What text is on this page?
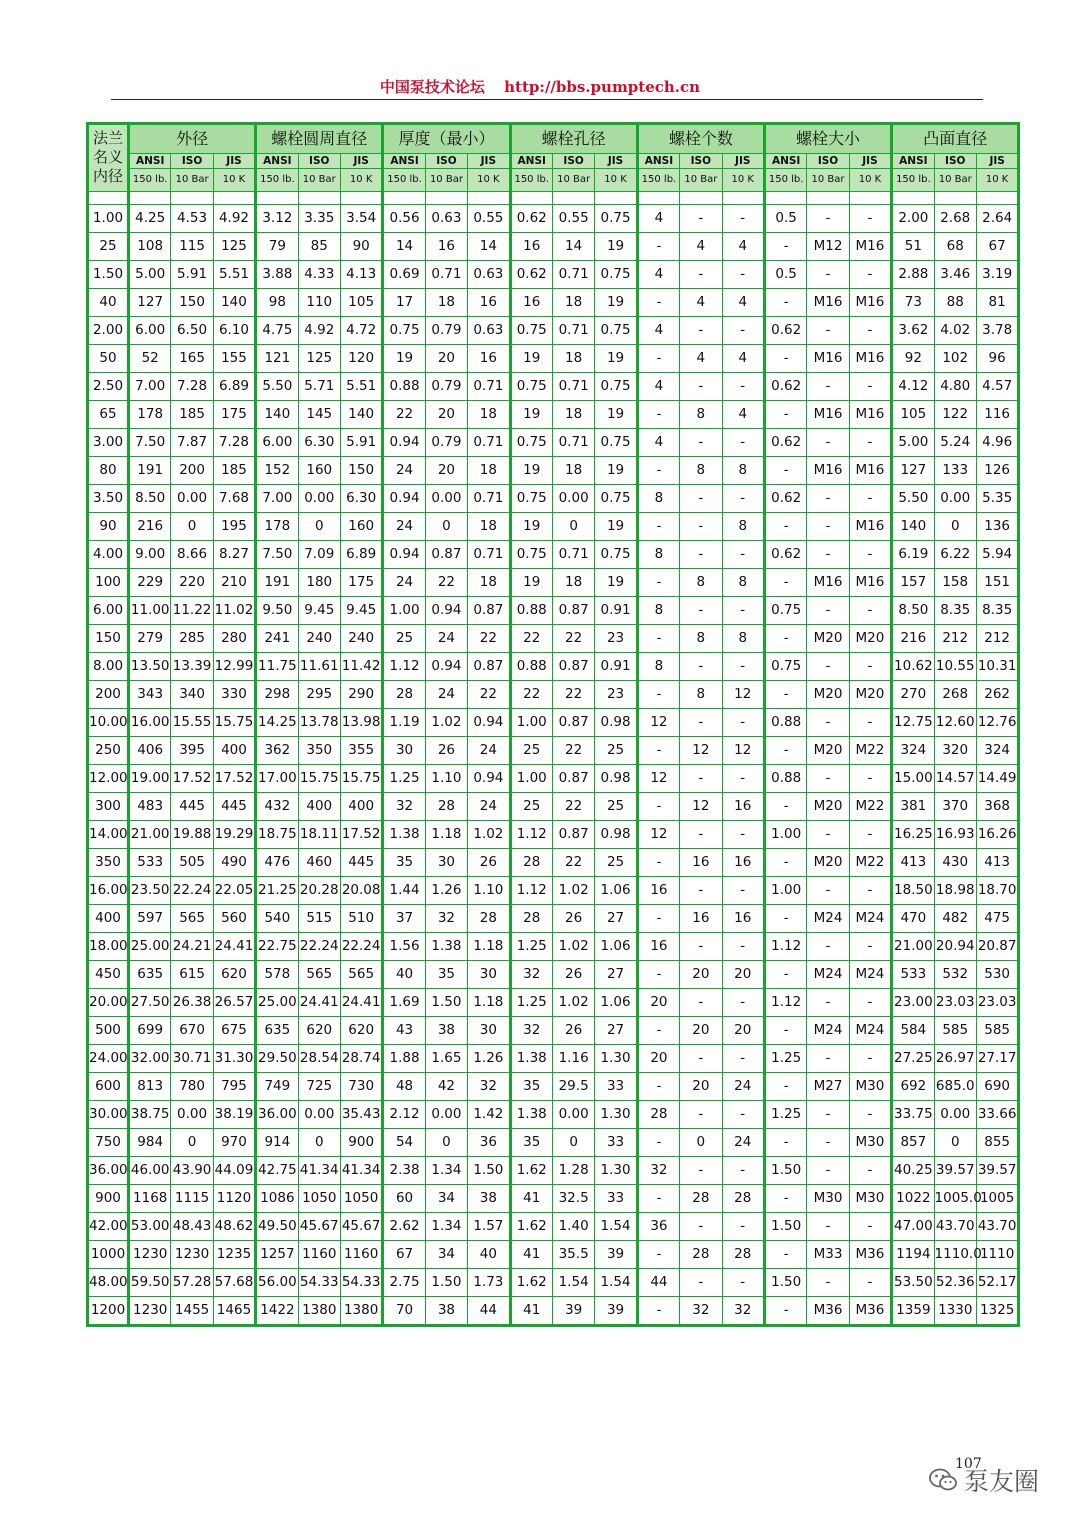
中国泵技术论坛 http://bbs.pumptech.cn
法兰
名义
内径	外径			螺栓圆周直径			厚度（最小）			螺栓孔径			螺栓个数			螺栓大小			凸面直径		
	ANSI	ISO	JIS	ANSI	ISO	JIS	ANSI	ISO	JIS	ANSI	ISO	JIS	ANSI	ISO	JIS	ANSI	ISO	JIS	ANSI	ISO	JIS
	150 lb.	10 Bar	10 K	150 lb.	10 Bar	10 K	150 lb.	10 Bar	10 K	150 lb.	10 Bar	10 K	150 lb.	10 Bar	10 K	150 lb.	10 Bar	10 K	150 lb.	10 Bar	10 K

1.00	4.25	4.53	4.92	3.12	3.35	3.54	0.56	0.63	0.55	0.62	0.55	0.75	4	-	-	0.5	-	-	2.00	2.68	2.64
25	108	115	125	79	85	90	14	16	14	16	14	19	-	4	4	-	M12	M16	51	68	67
1.50	5.00	5.91	5.51	3.88	4.33	4.13	0.69	0.71	0.63	0.62	0.71	0.75	4	-	-	0.5	-	-	2.88	3.46	3.19
40	127	150	140	98	110	105	17	18	16	16	18	19	-	4	4	-	M16	M16	73	88	81
2.00	6.00	6.50	6.10	4.75	4.92	4.72	0.75	0.79	0.63	0.75	0.71	0.75	4	-	-	0.62	-	-	3.62	4.02	3.78
50	52	165	155	121	125	120	19	20	16	19	18	19	-	4	4	-	M16	M16	92	102	96
2.50	7.00	7.28	6.89	5.50	5.71	5.51	0.88	0.79	0.71	0.75	0.71	0.75	4	-	-	0.62	-	-	4.12	4.80	4.57
65	178	185	175	140	145	140	22	20	18	19	18	19	-	8	4	-	M16	M16	105	122	116
3.00	7.50	7.87	7.28	6.00	6.30	5.91	0.94	0.79	0.71	0.75	0.71	0.75	4	-	-	0.62	-	-	5.00	5.24	4.96
80	191	200	185	152	160	150	24	20	18	19	18	19	-	8	8	-	M16	M16	127	133	126
3.50	8.50	0.00	7.68	7.00	0.00	6.30	0.94	0.00	0.71	0.75	0.00	0.75	8	-	-	0.62	-	-	5.50	0.00	5.35
90	216	0	195	178	0	160	24	0	18	19	0	19	-	-	8	-	-	M16	140	0	136
4.00	9.00	8.66	8.27	7.50	7.09	6.89	0.94	0.87	0.71	0.75	0.71	0.75	8	-	-	0.62	-	-	6.19	6.22	5.94
100	229	220	210	191	180	175	24	22	18	19	18	19	-	8	8	-	M16	M16	157	158	151
6.00	11.00	11.22	11.02	9.50	9.45	9.45	1.00	0.94	0.87	0.88	0.87	0.91	8	-	-	0.75	-	-	8.50	8.35	8.35
150	279	285	280	241	240	240	25	24	22	22	22	23	-	8	8	-	M20	M20	216	212	212
8.00	13.50	13.39	12.99	11.75	11.61	11.42	1.12	0.94	0.87	0.88	0.87	0.91	8	-	-	0.75	-	-	10.62	10.55	10.31
200	343	340	330	298	295	290	28	24	22	22	22	23	-	8	12	-	M20	M20	270	268	262
10.00	16.00	15.55	15.75	14.25	13.78	13.98	1.19	1.02	0.94	1.00	0.87	0.98	12	-	-	0.88	-	-	12.75	12.60	12.76
250	406	395	400	362	350	355	30	26	24	25	22	25	-	12	12	-	M20	M22	324	320	324
12.00	19.00	17.52	17.52	17.00	15.75	15.75	1.25	1.10	0.94	1.00	0.87	0.98	12	-	-	0.88	-	-	15.00	14.57	14.49
300	483	445	445	432	400	400	32	28	24	25	22	25	-	12	16	-	M20	M22	381	370	368
14.00	21.00	19.88	19.29	18.75	18.11	17.52	1.38	1.18	1.02	1.12	0.87	0.98	12	-	-	1.00	-	-	16.25	16.93	16.26
350	533	505	490	476	460	445	35	30	26	28	22	25	-	16	16	-	M20	M22	413	430	413
16.00	23.50	22.24	22.05	21.25	20.28	20.08	1.44	1.26	1.10	1.12	1.02	1.06	16	-	-	1.00	-	-	18.50	18.98	18.70
400	597	565	560	540	515	510	37	32	28	28	26	27	-	16	16	-	M24	M24	470	482	475
18.00	25.00	24.21	24.41	22.75	22.24	22.24	1.56	1.38	1.18	1.25	1.02	1.06	16	-	-	1.12	-	-	21.00	20.94	20.87
450	635	615	620	578	565	565	40	35	30	32	26	27	-	20	20	-	M24	M24	533	532	530
20.00	27.50	26.38	26.57	25.00	24.41	24.41	1.69	1.50	1.18	1.25	1.02	1.06	20	-	-	1.12	-	-	23.00	23.03	23.03
500	699	670	675	635	620	620	43	38	30	32	26	27	-	20	20	-	M24	M24	584	585	585
24.00	32.00	30.71	31.30	29.50	28.54	28.74	1.88	1.65	1.26	1.38	1.16	1.30	20	-	-	1.25	-	-	27.25	26.97	27.17
600	813	780	795	749	725	730	48	42	32	35	29.5	33	-	20	24	-	M27	M30	692	685.0	690
30.00	38.75	0.00	38.19	36.00	0.00	35.43	2.12	0.00	1.42	1.38	0.00	1.30	28	-	-	1.25	-	-	33.75	0.00	33.66
750	984	0	970	914	0	900	54	0	36	35	0	33	-	0	24	-	-	M30	857	0	855
36.00	46.00	43.90	44.09	42.75	41.34	41.34	2.38	1.34	1.50	1.62	1.28	1.30	32	-	-	1.50	-	-	40.25	39.57	39.57
900	1168	1115	1120	1086	1050	1050	60	34	38	41	32.5	33	-	28	28	-	M30	M30	1022	1005.0	1005
42.00	53.00	48.43	48.62	49.50	45.67	45.67	2.62	1.34	1.57	1.62	1.40	1.54	36	-	-	1.50	-	-	47.00	43.70	43.70
1000	1230	1230	1235	1257	1160	1160	67	34	40	41	35.5	39	-	28	28	-	M33	M36	1194	1110.0	1110
48.00	59.50	57.28	57.68	56.00	54.33	54.33	2.75	1.50	1.73	1.62	1.54	1.54	44	-	-	1.50	-	-	53.50	52.36	52.17
1200	1230	1455	1465	1422	1380	1380	70	38	44	41	39	39	-	32	32	-	M36	M36	1359	1330	1325
107
泵友圈
